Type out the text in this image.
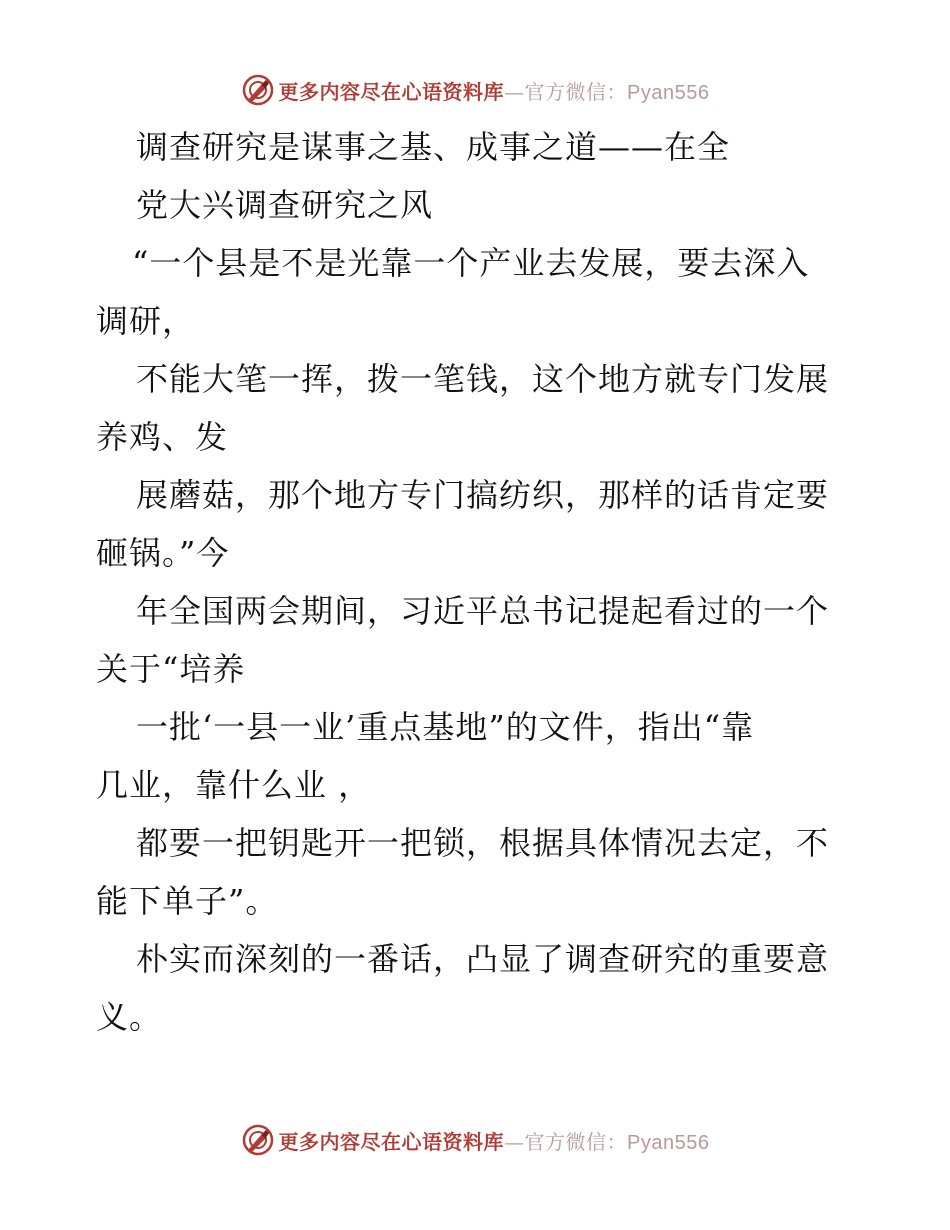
更多内容尽在心语资料库—官方微信：Pyan556
调查研究是谋事之基、成事之道——在全
党大兴调查研究之风
“一个县是不是光靠一个产业去发展，要去深入
调研，
不能大笔一挥，拨一笔钱，这个地方就专门发展
养鸡、发
展蘑菇，那个地方专门搞纺织，那样的话肯定要
砸锅。”今
年全国两会期间，习近平总书记提起看过的一个
关于“培养
一批‘一县一业’重点基地”的文件，指出“靠
几业，靠什么业 ，
都要一把钥匙开一把锁，根据具体情况去定，不
能下单子”。
朴实而深刻的一番话，凸显了调查研究的重要意
义。
更多内容尽在心语资料库—官方微信：Pyan556
